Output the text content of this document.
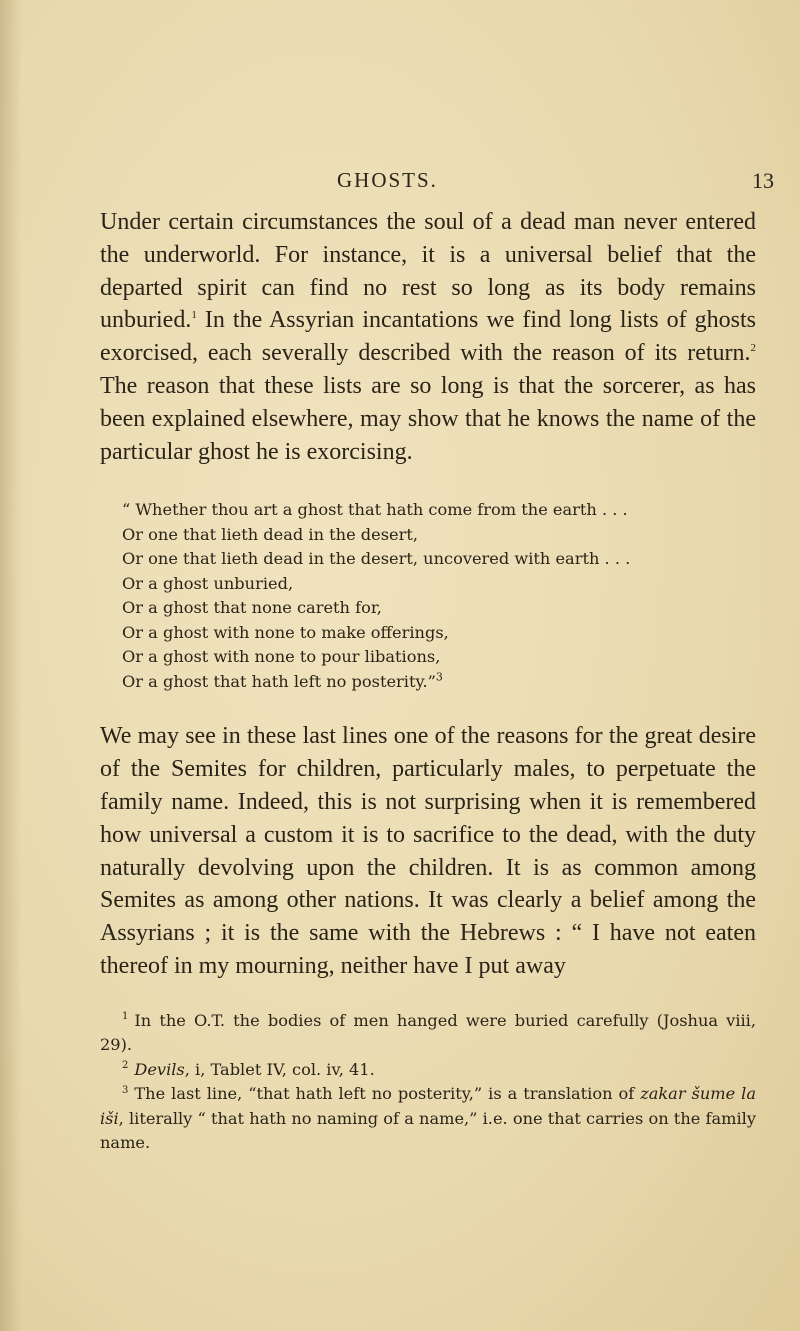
GHOSTS.	13

Under certain circumstances the soul of a dead man never entered the underworld. For instance, it is a universal belief that the departed spirit can find no rest so long as its body remains unburied.$^1$ In the Assyrian incantations we find long lists of ghosts exorcised, each severally described with the reason of its return.$^2$ The reason that these lists are so long is that the sorcerer, as has been explained elsewhere, may show that he knows the name of the particular ghost he is exorcising.

“ Whether thou art a ghost that hath come from the earth . . .
Or one that lieth dead in the desert,
Or one that lieth dead in the desert, uncovered with earth . . .
Or a ghost unburied,
Or a ghost that none careth for,
Or a ghost with none to make offerings,
Or a ghost with none to pour libations,
Or a ghost that hath left no posterity.”$^3$

We may see in these last lines one of the reasons for the great desire of the Semites for children, particularly males, to perpetuate the family name. Indeed, this is not surprising when it is remembered how universal a custom it is to sacrifice to the dead, with the duty naturally devolving upon the children. It is as common among Semites as among other nations. It was clearly a belief among the Assyrians ; it is the same with the Hebrews : “ I have not eaten thereof in my mourning, neither have I put away

$^1$ In the O.T. the bodies of men hanged were buried carefully (Joshua viii, 29).

$^2$ Devils, i, Tablet IV, col. iv, 41.

$^3$ The last line, “that hath left no posterity,” is a translation of zakar šume la iši, literally “ that hath no naming of a name,” i.e. one that carries on the family name.
